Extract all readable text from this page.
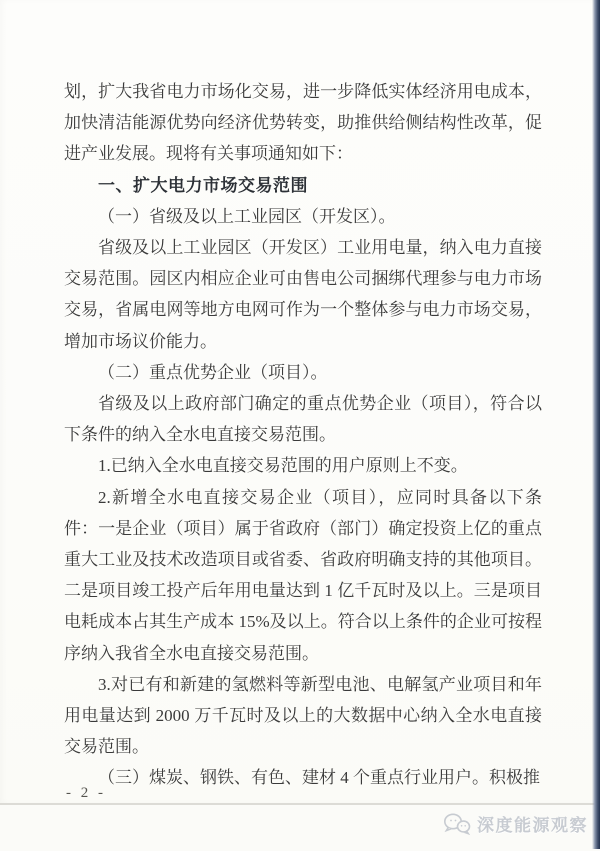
划，扩大我省电力市场化交易，进一步降低实体经济用电成本，加快清洁能源优势向经济优势转变，助推供给侧结构性改革，促进产业发展。现将有关事项通知如下：

一、扩大电力市场交易范围

（一）省级及以上工业园区（开发区）。

省级及以上工业园区（开发区）工业用电量，纳入电力直接交易范围。园区内相应企业可由售电公司捆绑代理参与电力市场交易，省属电网等地方电网可作为一个整体参与电力市场交易，增加市场议价能力。

（二）重点优势企业（项目）。

省级及以上政府部门确定的重点优势企业（项目），符合以下条件的纳入全水电直接交易范围。

1.已纳入全水电直接交易范围的用户原则上不变。

2.新增全水电直接交易企业（项目），应同时具备以下条件：一是企业（项目）属于省政府（部门）确定投资上亿的重点重大工业及技术改造项目或省委、省政府明确支持的其他项目。二是项目竣工投产后年用电量达到 1 亿千瓦时及以上。三是项目电耗成本占其生产成本 15%及以上。符合以上条件的企业可按程序纳入我省全水电直接交易范围。

3.对已有和新建的氢燃料等新型电池、电解氢产业项目和年用电量达到 2000 万千瓦时及以上的大数据中心纳入全水电直接交易范围。

（三）煤炭、钢铁、有色、建材 4 个重点行业用户。积极推

- 2 -
深度能源观察
